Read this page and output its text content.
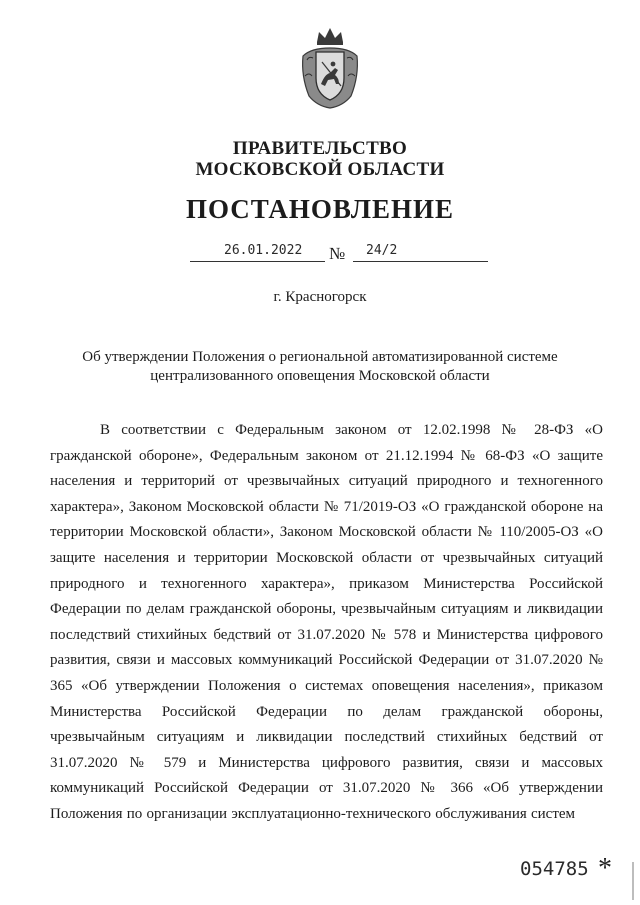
ПРАВИТЕЛЬСТВО
МОСКОВСКОЙ ОБЛАСТИ
ПОСТАНОВЛЕНИЕ
26.01.2022 № 24/2
г. Красногорск
Об утверждении Положения о региональной автоматизированной системе централизованного оповещения Московской области

В соответствии с Федеральным законом от 12.02.1998 № 28-ФЗ «О гражданской обороне», Федеральным законом от 21.12.1994 № 68-ФЗ «О защите населения и территорий от чрезвычайных ситуаций природного и техногенного характера», Законом Московской области № 71/2019-ОЗ «О гражданской обороне на территории Московской области», Законом Московской области № 110/2005-ОЗ «О защите населения и территории Московской области от чрезвычайных ситуаций природного и техногенного характера», приказом Министерства Российской Федерации по делам гражданской обороны, чрезвычайным ситуациям и ликвидации последствий стихийных бедствий от 31.07.2020 № 578 и Министерства цифрового развития, связи и массовых коммуникаций Российской Федерации от 31.07.2020 № 365 «Об утверждении Положения о системах оповещения населения», приказом Министерства Российской Федерации по делам гражданской обороны, чрезвычайным ситуациям и ликвидации последствий стихийных бедствий от 31.07.2020 № 579 и Министерства цифрового развития, связи и массовых коммуникаций Российской Федерации от 31.07.2020 № 366 «Об утверждении Положения по организации эксплуатационно-технического обслуживания систем

054785 *
